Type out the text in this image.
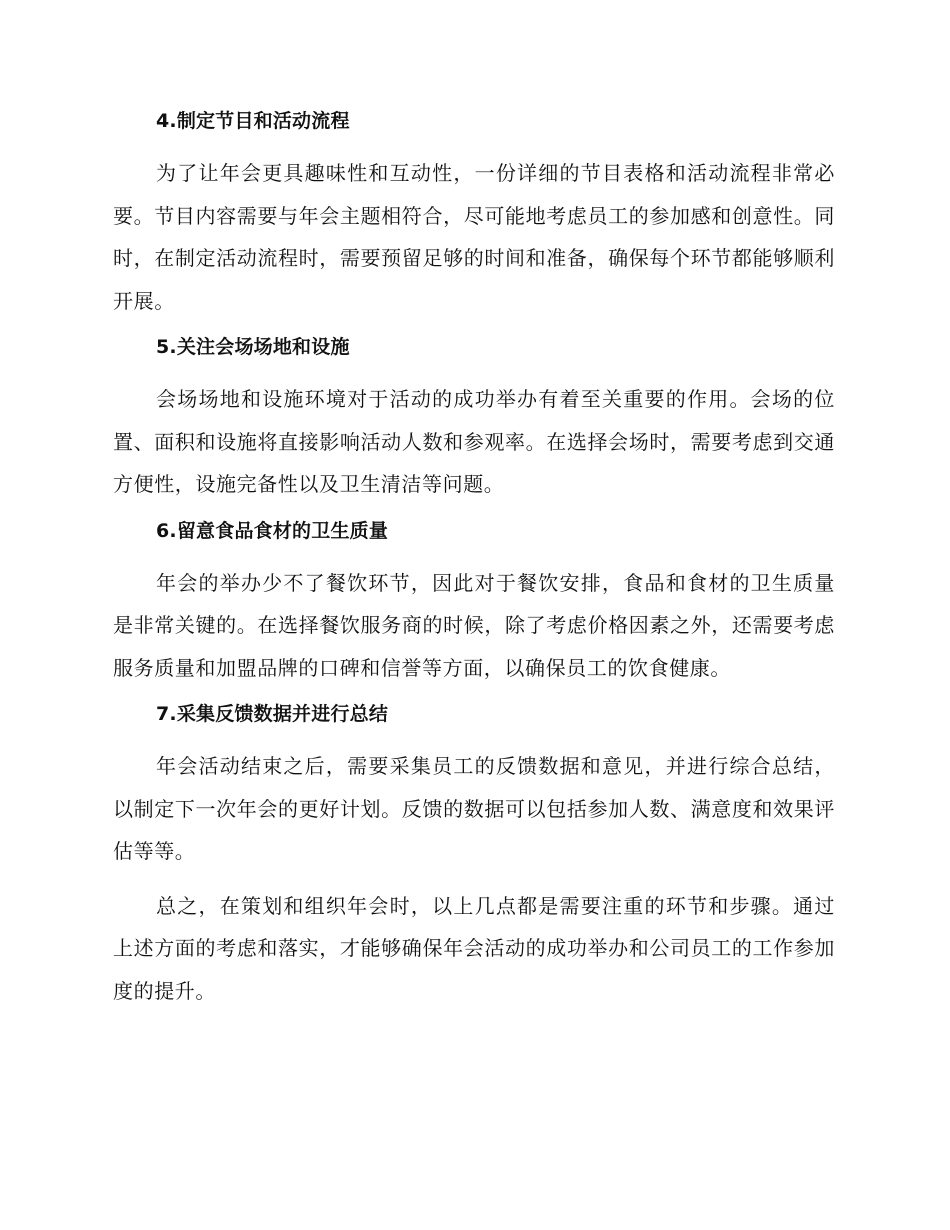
4.制定节目和活动流程

为了让年会更具趣味性和互动性，一份详细的节目表格和活动流程非常必要。节目内容需要与年会主题相符合，尽可能地考虑员工的参加感和创意性。同时，在制定活动流程时，需要预留足够的时间和准备，确保每个环节都能够顺利开展。

5.关注会场场地和设施

会场场地和设施环境对于活动的成功举办有着至关重要的作用。会场的位置、面积和设施将直接影响活动人数和参观率。在选择会场时，需要考虑到交通方便性，设施完备性以及卫生清洁等问题。

6.留意食品食材的卫生质量

年会的举办少不了餐饮环节，因此对于餐饮安排，食品和食材的卫生质量是非常关键的。在选择餐饮服务商的时候，除了考虑价格因素之外，还需要考虑服务质量和加盟品牌的口碑和信誉等方面，以确保员工的饮食健康。

7.采集反馈数据并进行总结

年会活动结束之后，需要采集员工的反馈数据和意见，并进行综合总结，以制定下一次年会的更好计划。反馈的数据可以包括参加人数、满意度和效果评估等等。

总之，在策划和组织年会时，以上几点都是需要注重的环节和步骤。通过上述方面的考虑和落实，才能够确保年会活动的成功举办和公司员工的工作参加度的提升。
